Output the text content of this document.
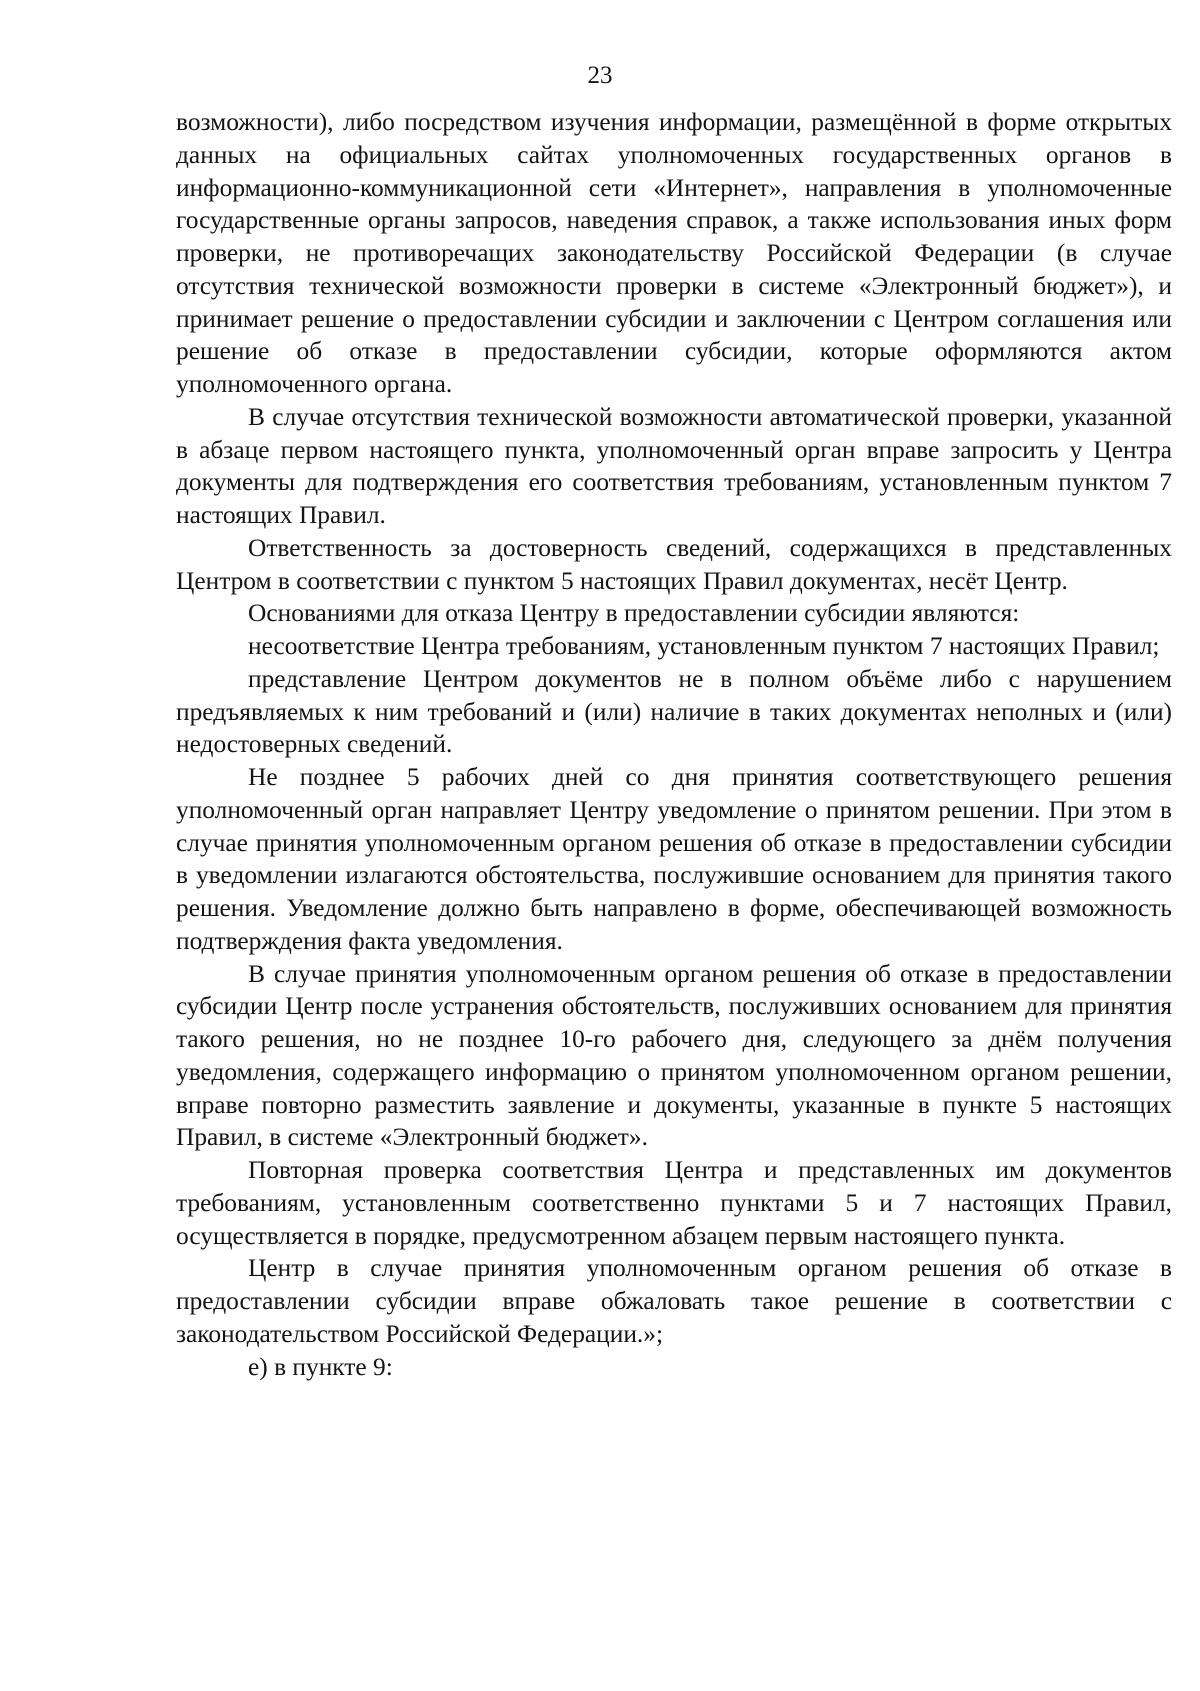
23

возможности), либо посредством изучения информации, размещённой в форме открытых данных на официальных сайтах уполномоченных государственных органов в информационно-коммуникационной сети «Интернет», направления в уполномоченные государственные органы запросов, наведения справок, а также использования иных форм проверки, не противоречащих законодательству Российской Федерации (в случае отсутствия технической возможности проверки в системе «Электронный бюджет»), и принимает решение о предоставлении субсидии и заключении с Центром соглашения или решение об отказе в предоставлении субсидии, которые оформляются актом уполномоченного органа.

В случае отсутствия технической возможности автоматической проверки, указанной в абзаце первом настоящего пункта, уполномоченный орган вправе запросить у Центра документы для подтверждения его соответствия требованиям, установленным пунктом 7 настоящих Правил.

Ответственность за достоверность сведений, содержащихся в представленных Центром в соответствии с пунктом 5 настоящих Правил документах, несёт Центр.

Основаниями для отказа Центру в предоставлении субсидии являются:

несоответствие Центра требованиям, установленным пунктом 7 настоящих Правил;

представление Центром документов не в полном объёме либо с нарушением предъявляемых к ним требований и (или) наличие в таких документах неполных и (или) недостоверных сведений.

Не позднее 5 рабочих дней со дня принятия соответствующего решения уполномоченный орган направляет Центру уведомление о принятом решении. При этом в случае принятия уполномоченным органом решения об отказе в предоставлении субсидии в уведомлении излагаются обстоятельства, послужившие основанием для принятия такого решения. Уведомление должно быть направлено в форме, обеспечивающей возможность подтверждения факта уведомления.

В случае принятия уполномоченным органом решения об отказе в предоставлении субсидии Центр после устранения обстоятельств, послуживших основанием для принятия такого решения, но не позднее 10-го рабочего дня, следующего за днём получения уведомления, содержащего информацию о принятом уполномоченном органом решении, вправе повторно разместить заявление и документы, указанные в пункте 5 настоящих Правил, в системе «Электронный бюджет».

Повторная проверка соответствия Центра и представленных им документов требованиям, установленным соответственно пунктами 5 и 7 настоящих Правил, осуществляется в порядке, предусмотренном абзацем первым настоящего пункта.

Центр в случае принятия уполномоченным органом решения об отказе в предоставлении субсидии вправе обжаловать такое решение в соответствии с законодательством Российской Федерации.»;

е) в пункте 9:
